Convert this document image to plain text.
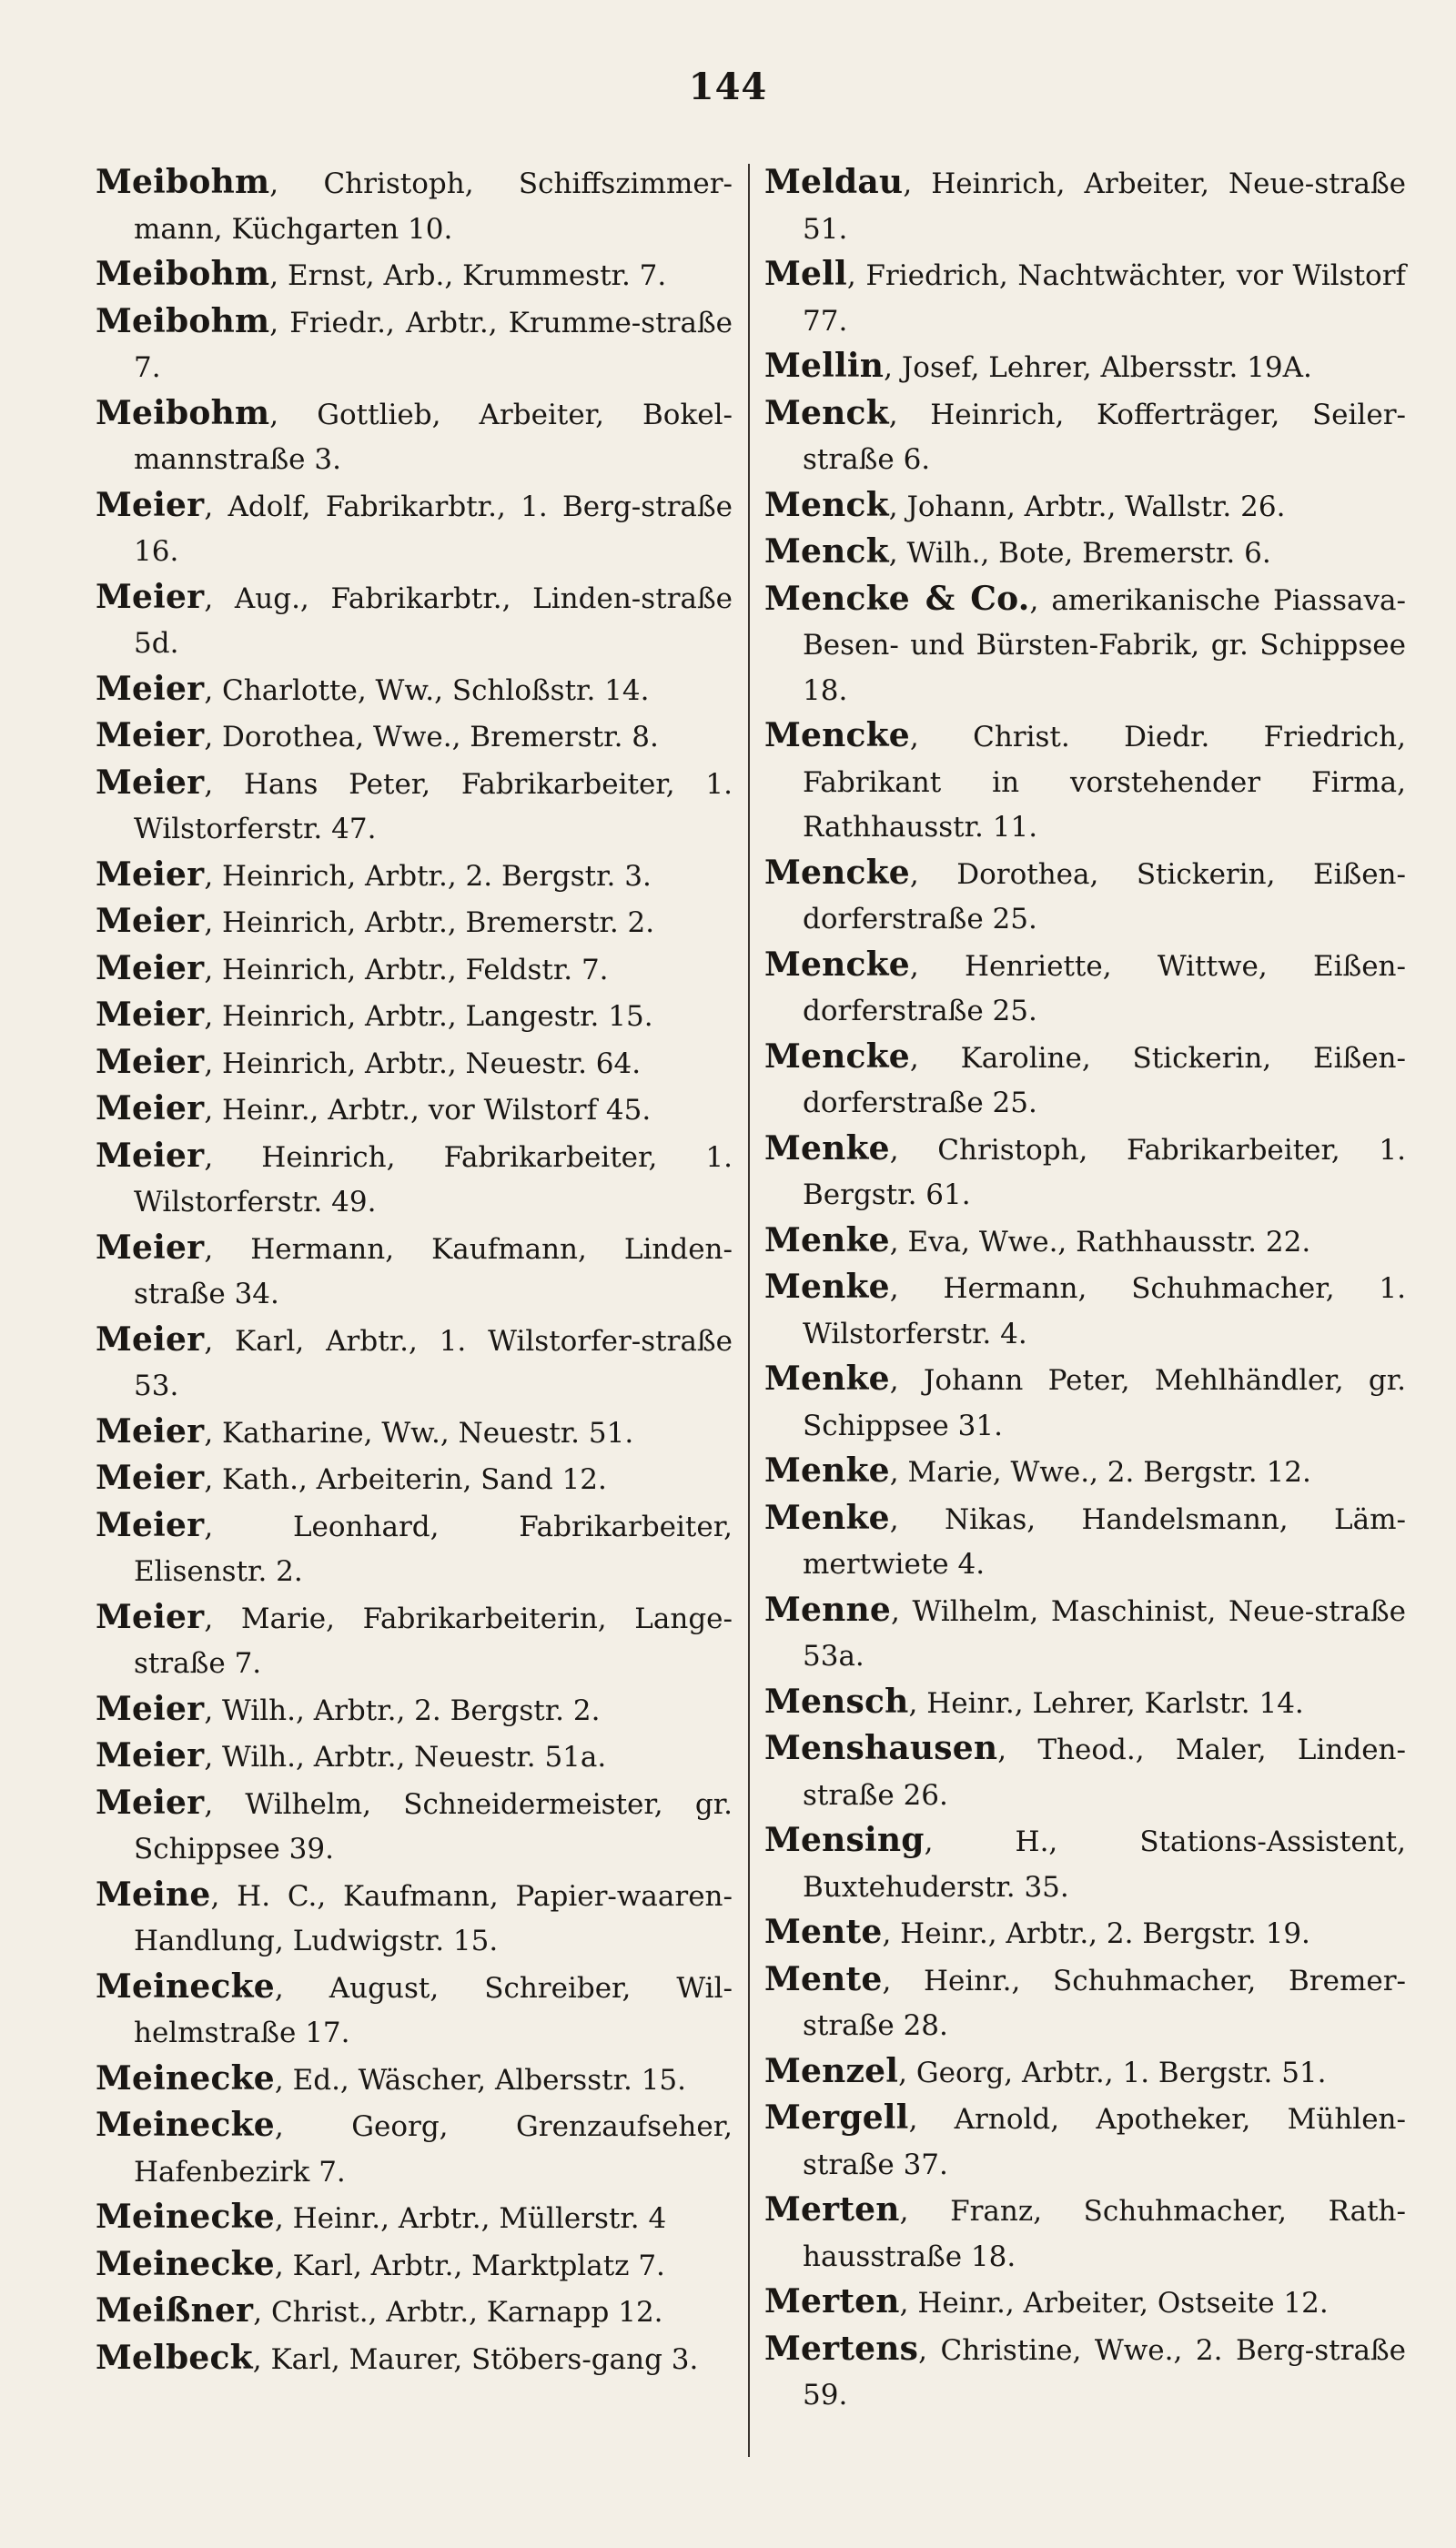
144
Meibohm, Christoph, Schiffszimmer-mann, Küchgarten 10.
Meibohm, Ernst, Arb., Krummestr. 7.
Meibohm, Friedr., Arbtr., Krumme-straße 7.
Meibohm, Gottlieb, Arbeiter, Bokel-mannstraße 3.
Meier, Adolf, Fabrikarbtr., 1. Berg-straße 16.
Meier, Aug., Fabrikarbtr., Linden-straße 5d.
Meier, Charlotte, Ww., Schloßstr. 14.
Meier, Dorothea, Wwe., Bremerstr. 8.
Meier, Hans Peter, Fabrikarbeiter, 1. Wilstorferstr. 47.
Meier, Heinrich, Arbtr., 2. Bergstr. 3.
Meier, Heinrich, Arbtr., Bremerstr. 2.
Meier, Heinrich, Arbtr., Feldstr. 7.
Meier, Heinrich, Arbtr., Langestr. 15.
Meier, Heinrich, Arbtr., Neuestr. 64.
Meier, Heinr., Arbtr., vor Wilstorf 45.
Meier, Heinrich, Fabrikarbeiter, 1. Wilstorferstr. 49.
Meier, Hermann, Kaufmann, Linden-straße 34.
Meier, Karl, Arbtr., 1. Wilstorfer-straße 53.
Meier, Katharine, Ww., Neuestr. 51.
Meier, Kath., Arbeiterin, Sand 12.
Meier, Leonhard, Fabrikarbeiter, Elisenstr. 2.
Meier, Marie, Fabrikarbeiterin, Lange-straße 7.
Meier, Wilh., Arbtr., 2. Bergstr. 2.
Meier, Wilh., Arbtr., Neuestr. 51a.
Meier, Wilhelm, Schneidermeister, gr. Schippsee 39.
Meine, H. C., Kaufmann, Papier-waaren-Handlung, Ludwigstr. 15.
Meinecke, August, Schreiber, Wil-helmstraße 17.
Meinecke, Ed., Wäscher, Albersstr. 15.
Meinecke, Georg, Grenzaufseher, Hafenbezirk 7.
Meinecke, Heinr., Arbtr., Müllerstr. 4
Meinecke, Karl, Arbtr., Marktplatz 7.
Meißner, Christ., Arbtr., Karnapp 12.
Melbeck, Karl, Maurer, Stöbers-gang 3.
Meldau, Heinrich, Arbeiter, Neue-straße 51.
Mell, Friedrich, Nachtwächter, vor Wilstorf 77.
Mellin, Josef, Lehrer, Albersstr. 19A.
Menck, Heinrich, Kofferträger, Seiler-straße 6.
Menck, Johann, Arbtr., Wallstr. 26.
Menck, Wilh., Bote, Bremerstr. 6.
Mencke & Co., amerikanische Piassava-Besen- und Bürsten-Fabrik, gr. Schippsee 18.
Mencke, Christ. Diedr. Friedrich, Fabrikant in vorstehender Firma, Rathhausstr. 11.
Mencke, Dorothea, Stickerin, Eißen-dorferstraße 25.
Mencke, Henriette, Wittwe, Eißen-dorferstraße 25.
Mencke, Karoline, Stickerin, Eißen-dorferstraße 25.
Menke, Christoph, Fabrikarbeiter, 1. Bergstr. 61.
Menke, Eva, Wwe., Rathhausstr. 22.
Menke, Hermann, Schuhmacher, 1. Wilstorferstr. 4.
Menke, Johann Peter, Mehlhändler, gr. Schippsee 31.
Menke, Marie, Wwe., 2. Bergstr. 12.
Menke, Nikas, Handelsmann, Läm-mertwiete 4.
Menne, Wilhelm, Maschinist, Neue-straße 53a.
Mensch, Heinr., Lehrer, Karlstr. 14.
Menshausen, Theod., Maler, Linden-straße 26.
Mensing, H., Stations-Assistent, Buxtehuderstr. 35.
Mente, Heinr., Arbtr., 2. Bergstr. 19.
Mente, Heinr., Schuhmacher, Bremer-straße 28.
Menzel, Georg, Arbtr., 1. Bergstr. 51.
Mergell, Arnold, Apotheker, Mühlen-straße 37.
Merten, Franz, Schuhmacher, Rath-hausstraße 18.
Merten, Heinr., Arbeiter, Ostseite 12.
Mertens, Christine, Wwe., 2. Berg-straße 59.
